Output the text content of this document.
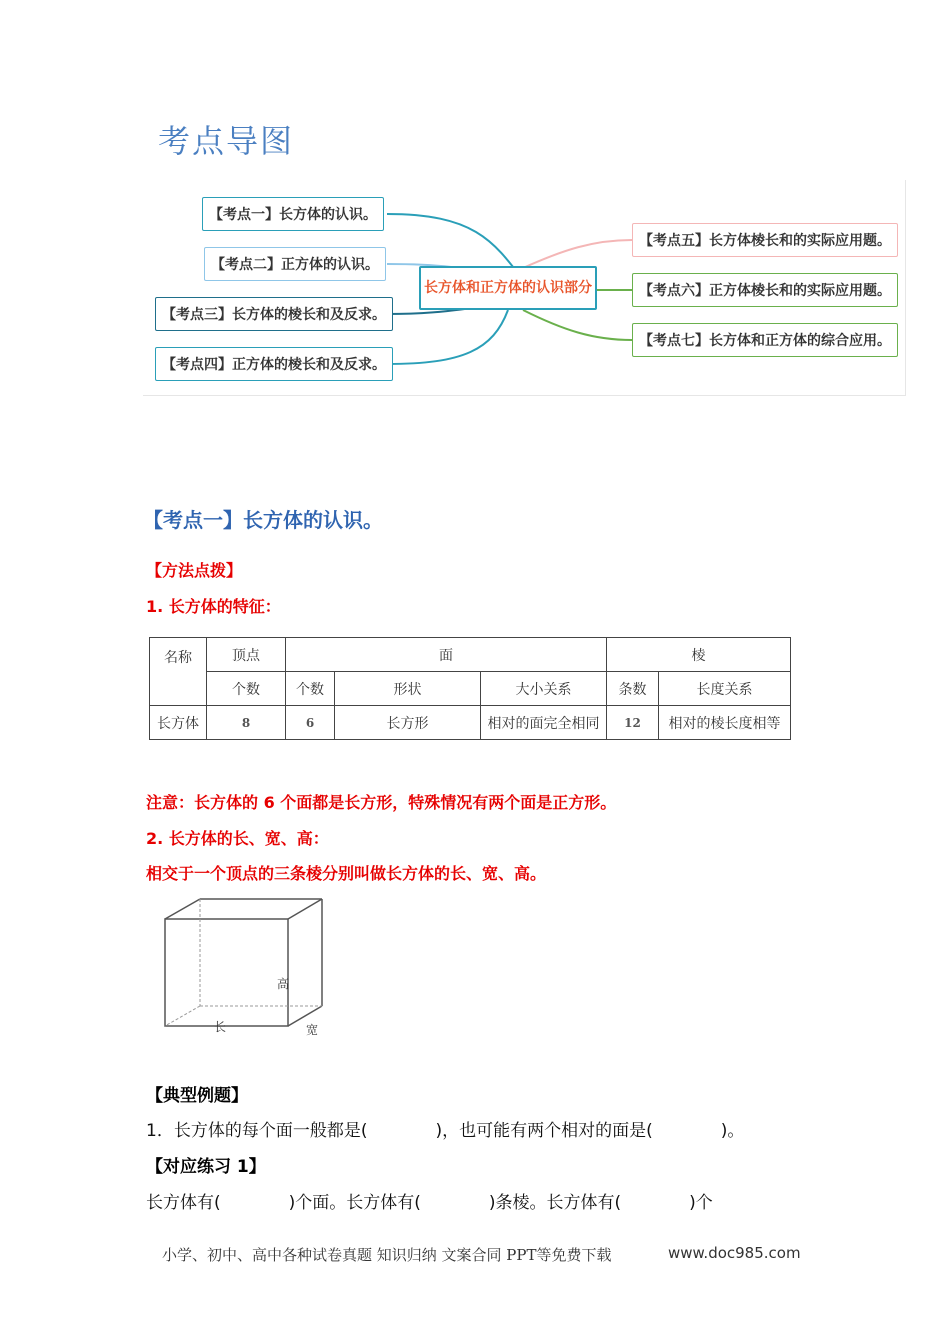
考点导图
【考点一】长方体的认识。
【考点二】正方体的认识。
【考点三】长方体的棱长和及反求。
【考点四】正方体的棱长和及反求。
长方体和正方体的认识部分
【考点五】长方体棱长和的实际应用题。
【考点六】正方体棱长和的实际应用题。
【考点七】长方体和正方体的综合应用。
【考点一】长方体的认识。
【方法点拨】
1. 长方体的特征：
名称	顶点	面			棱	
	个数	个数	形状	大小关系	条数	长度关系
长方体	8	6	长方形	相对的面完全相同	12	相对的棱长度相等
注意：长方体的 6 个面都是长方形，特殊情况有两个面是正方形。
2. 长方体的长、宽、高：
相交于一个顶点的三条棱分别叫做长方体的长、宽、高。
高
长	宽
【典型例题】
1．长方体的每个面一般都是(　　　　)，也可能有两个相对的面是(　　　　)。
【对应练习 1】
长方体有(　　　　)个面。长方体有(　　　　)条棱。长方体有(　　　　)个
小学、初中、高中各种试卷真题 知识归纳 文案合同 PPT等免费下载	www.doc985.com
